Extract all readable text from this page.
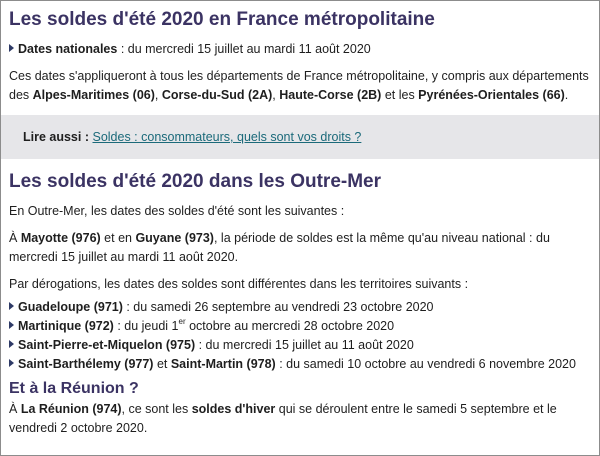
Les soldes d'été 2020 en France métropolitaine

Dates nationales : du mercredi 15 juillet au mardi 11 août 2020

Ces dates s'appliqueront à tous les départements de France métropolitaine, y compris aux départements des Alpes-Maritimes (06), Corse-du-Sud (2A), Haute-Corse (2B) et les Pyrénées-Orientales (66).

Lire aussi : Soldes : consommateurs, quels sont vos droits ?
Les soldes d'été 2020 dans les Outre-Mer

En Outre-Mer, les dates des soldes d'été sont les suivantes :

À Mayotte (976) et en Guyane (973), la période de soldes est la même qu'au niveau national : du mercredi 15 juillet au mardi 11 août 2020.

Par dérogations, les dates des soldes sont différentes dans les territoires suivants :

Guadeloupe (971) : du samedi 26 septembre au vendredi 23 octobre 2020
Martinique (972) : du jeudi 1er octobre au mercredi 28 octobre 2020
Saint-Pierre-et-Miquelon (975) : du mercredi 15 juillet au 11 août 2020
Saint-Barthélemy (977) et Saint-Martin (978) : du samedi 10 octobre au vendredi 6 novembre 2020
Et à la Réunion ?

À La Réunion (974), ce sont les soldes d'hiver qui se déroulent entre le samedi 5 septembre et le vendredi 2 octobre 2020.
